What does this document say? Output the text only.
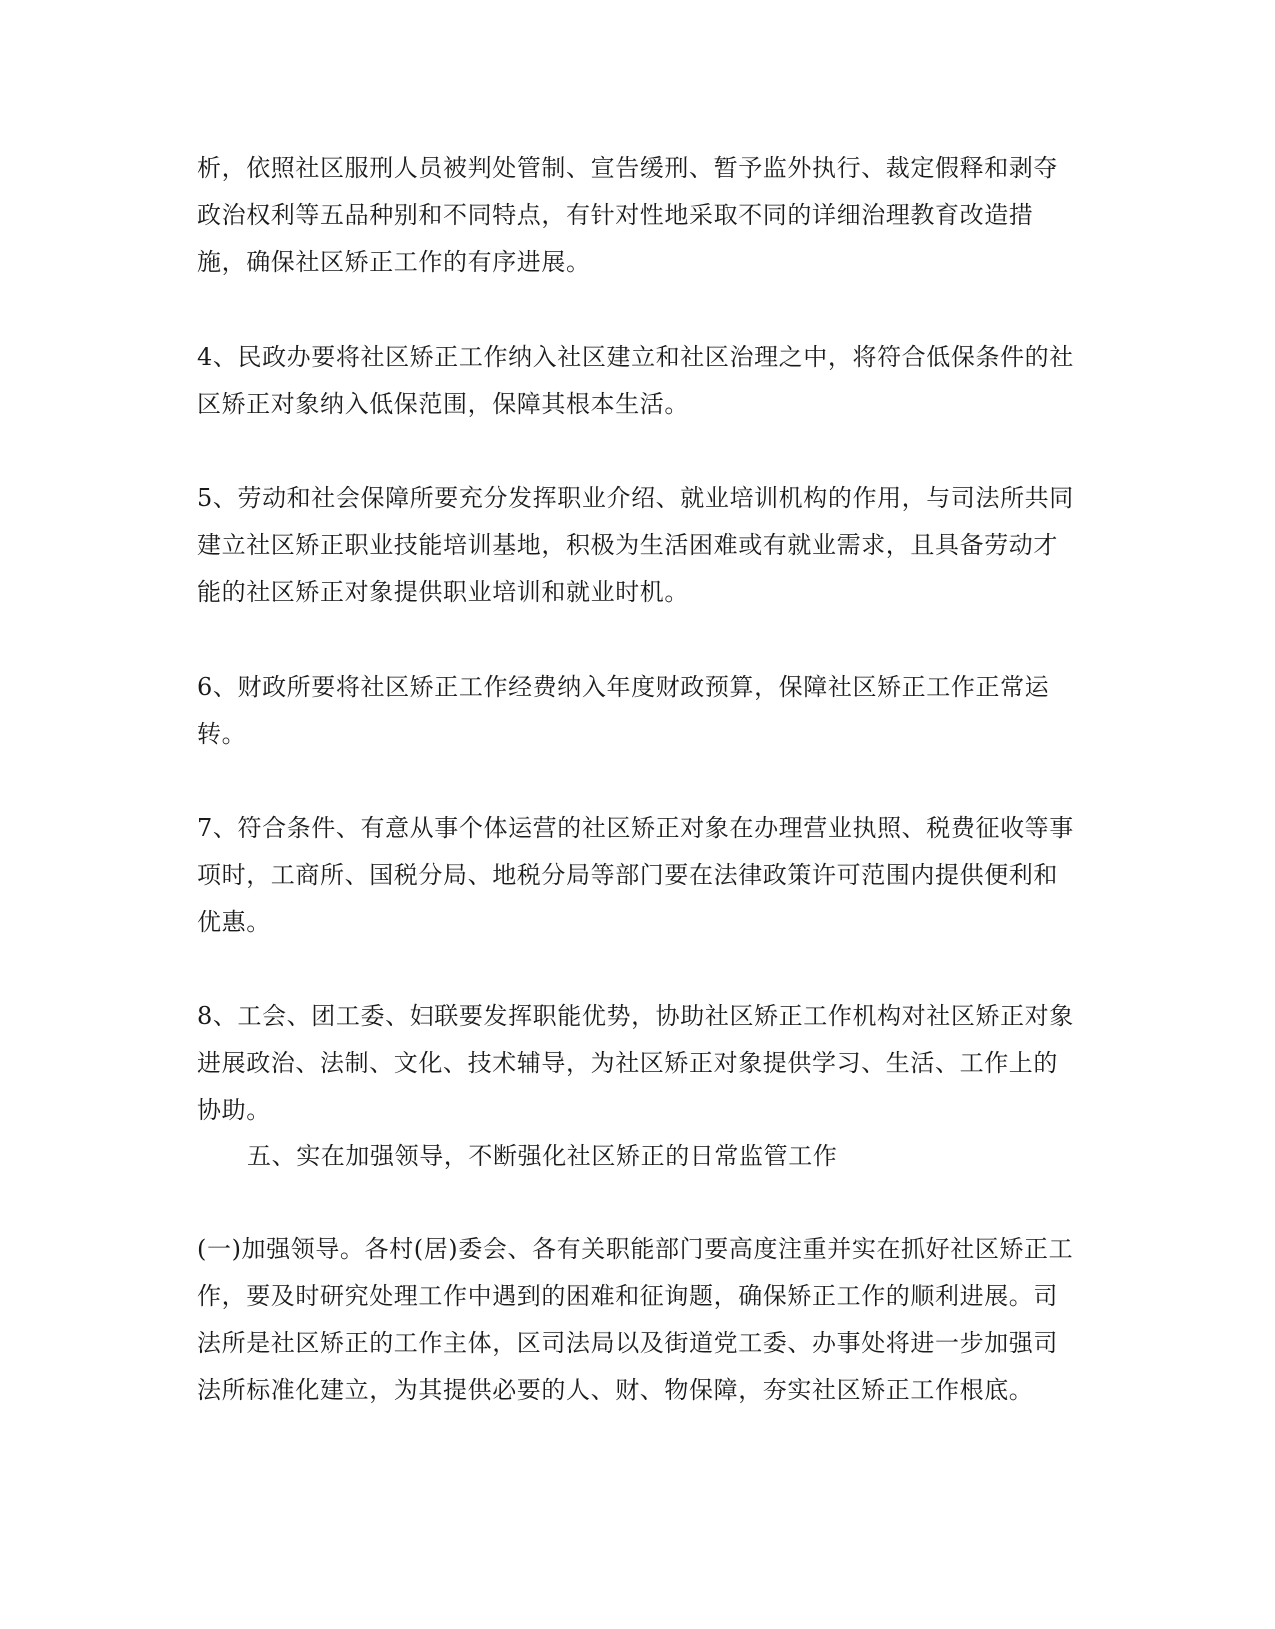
析，依照社区服刑人员被判处管制、宣告缓刑、暂予监外执行、裁定假释和剥夺政治权利等五品种别和不同特点，有针对性地采取不同的详细治理教育改造措施，确保社区矫正工作的有序进展。

4、民政办要将社区矫正工作纳入社区建立和社区治理之中，将符合低保条件的社区矫正对象纳入低保范围，保障其根本生活。

5、劳动和社会保障所要充分发挥职业介绍、就业培训机构的作用，与司法所共同建立社区矫正职业技能培训基地，积极为生活困难或有就业需求，且具备劳动才能的社区矫正对象提供职业培训和就业时机。

6、财政所要将社区矫正工作经费纳入年度财政预算，保障社区矫正工作正常运转。

7、符合条件、有意从事个体运营的社区矫正对象在办理营业执照、税费征收等事项时，工商所、国税分局、地税分局等部门要在法律政策许可范围内提供便利和优惠。

8、工会、团工委、妇联要发挥职能优势，协助社区矫正工作机构对社区矫正对象进展政治、法制、文化、技术辅导，为社区矫正对象提供学习、生活、工作上的协助。

五、实在加强领导，不断强化社区矫正的日常监管工作

(一)加强领导。各村(居)委会、各有关职能部门要高度注重并实在抓好社区矫正工作，要及时研究处理工作中遇到的困难和征询题，确保矫正工作的顺利进展。司法所是社区矫正的工作主体，区司法局以及街道党工委、办事处将进一步加强司法所标准化建立，为其提供必要的人、财、物保障，夯实社区矫正工作根底。
